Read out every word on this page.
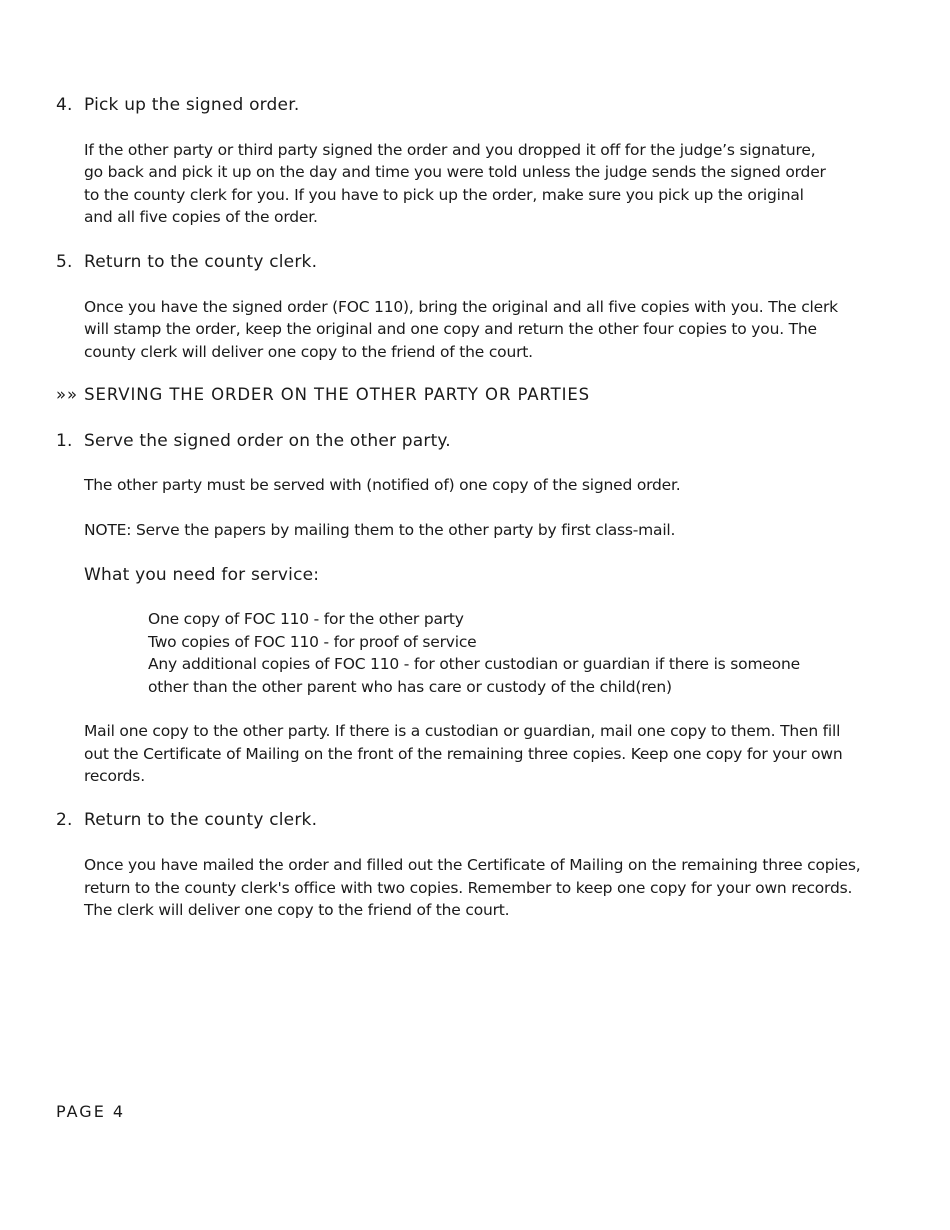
4. Pick up the signed order.
If the other party or third party signed the order and you dropped it off for the judge’s signature,
go back and pick it up on the day and time you were told unless the judge sends the signed order
to the county clerk for you. If you have to pick up the order, make sure you pick up the original
and all five copies of the order.
5. Return to the county clerk.
Once you have the signed order (FOC 110), bring the original and all five copies with you. The clerk
will stamp the order, keep the original and one copy and return the other four copies to you. The
county clerk will deliver one copy to the friend of the court.
»» SERVING THE ORDER ON THE OTHER PARTY OR PARTIES
1. Serve the signed order on the other party.
The other party must be served with (notified of) one copy of the signed order.
NOTE: Serve the papers by mailing them to the other party by first class-mail.
What you need for service:
One copy of FOC 110 - for the other party
Two copies of FOC 110 - for proof of service
Any additional copies of FOC 110 - for other custodian or guardian if there is someone
other than the other parent who has care or custody of the child(ren)
Mail one copy to the other party. If there is a custodian or guardian, mail one copy to them. Then fill
out the Certificate of Mailing on the front of the remaining three copies. Keep one copy for your own
records.
2. Return to the county clerk.
Once you have mailed the order and filled out the Certificate of Mailing on the remaining three copies,
return to the county clerk's office with two copies. Remember to keep one copy for your own records.
The clerk will deliver one copy to the friend of the court.
PAGE 4
